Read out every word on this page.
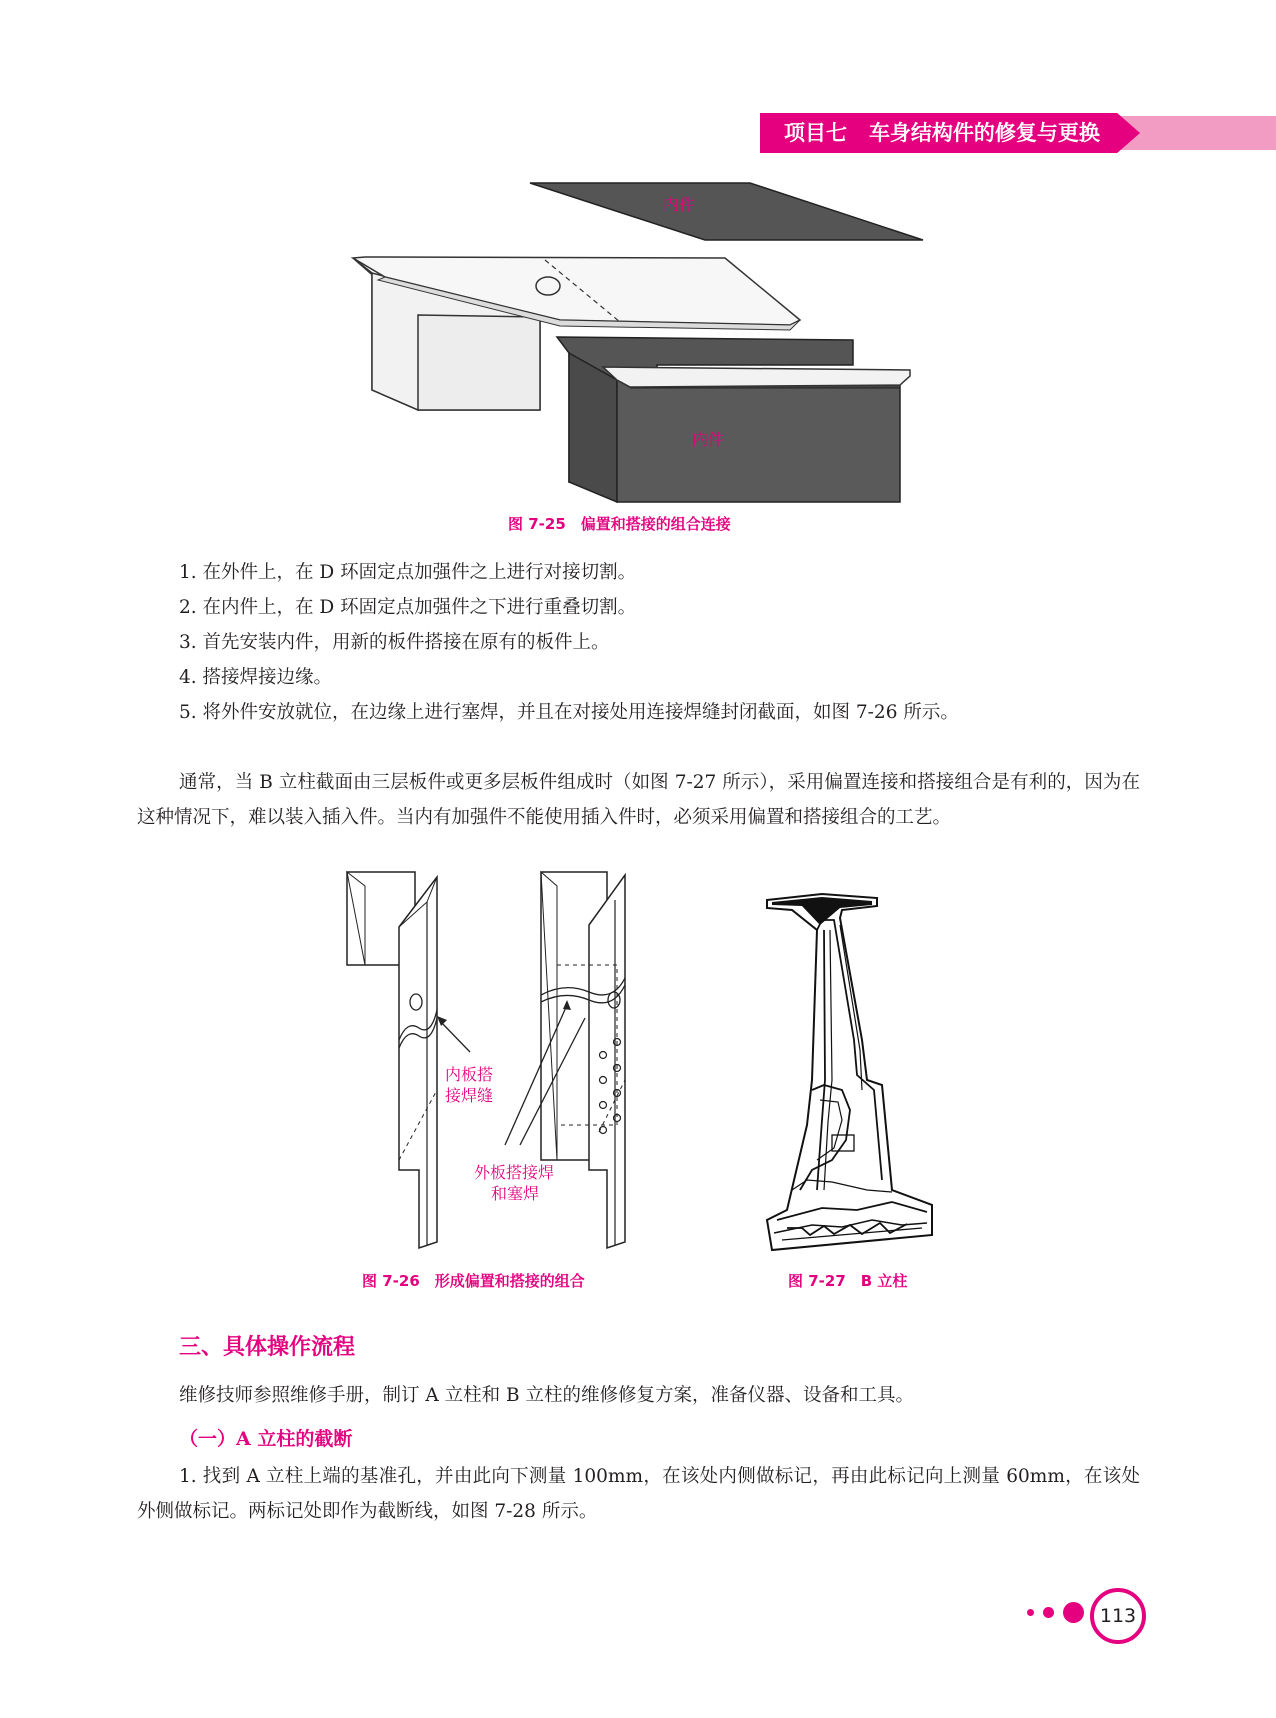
项目七 车身结构件的修复与更换
内件
内件
图 7-25　偏置和搭接的组合连接
1. 在外件上，在 D 环固定点加强件之上进行对接切割。
2. 在内件上，在 D 环固定点加强件之下进行重叠切割。
3. 首先安装内件，用新的板件搭接在原有的板件上。
4. 搭接焊接边缘。
5. 将外件安放就位，在边缘上进行塞焊，并且在对接处用连接焊缝封闭截面，如图 7-26 所示。
通常，当 B 立柱截面由三层板件或更多层板件组成时（如图 7-27 所示），采用偏置连接和搭接组合是有利的，因为在这种情况下，难以装入插入件。当内有加强件不能使用插入件时，必须采用偏置和搭接组合的工艺。
内板搭
接焊缝
外板搭接焊
和塞焊
图 7-26　形成偏置和搭接的组合	图 7-27　B 立柱
三、具体操作流程
维修技师参照维修手册，制订 A 立柱和 B 立柱的维修修复方案，准备仪器、设备和工具。
（一）A 立柱的截断
1. 找到 A 立柱上端的基准孔，并由此向下测量 100mm，在该处内侧做标记，再由此标记向上测量 60mm，在该处外侧做标记。两标记处即作为截断线，如图 7-28 所示。
113
